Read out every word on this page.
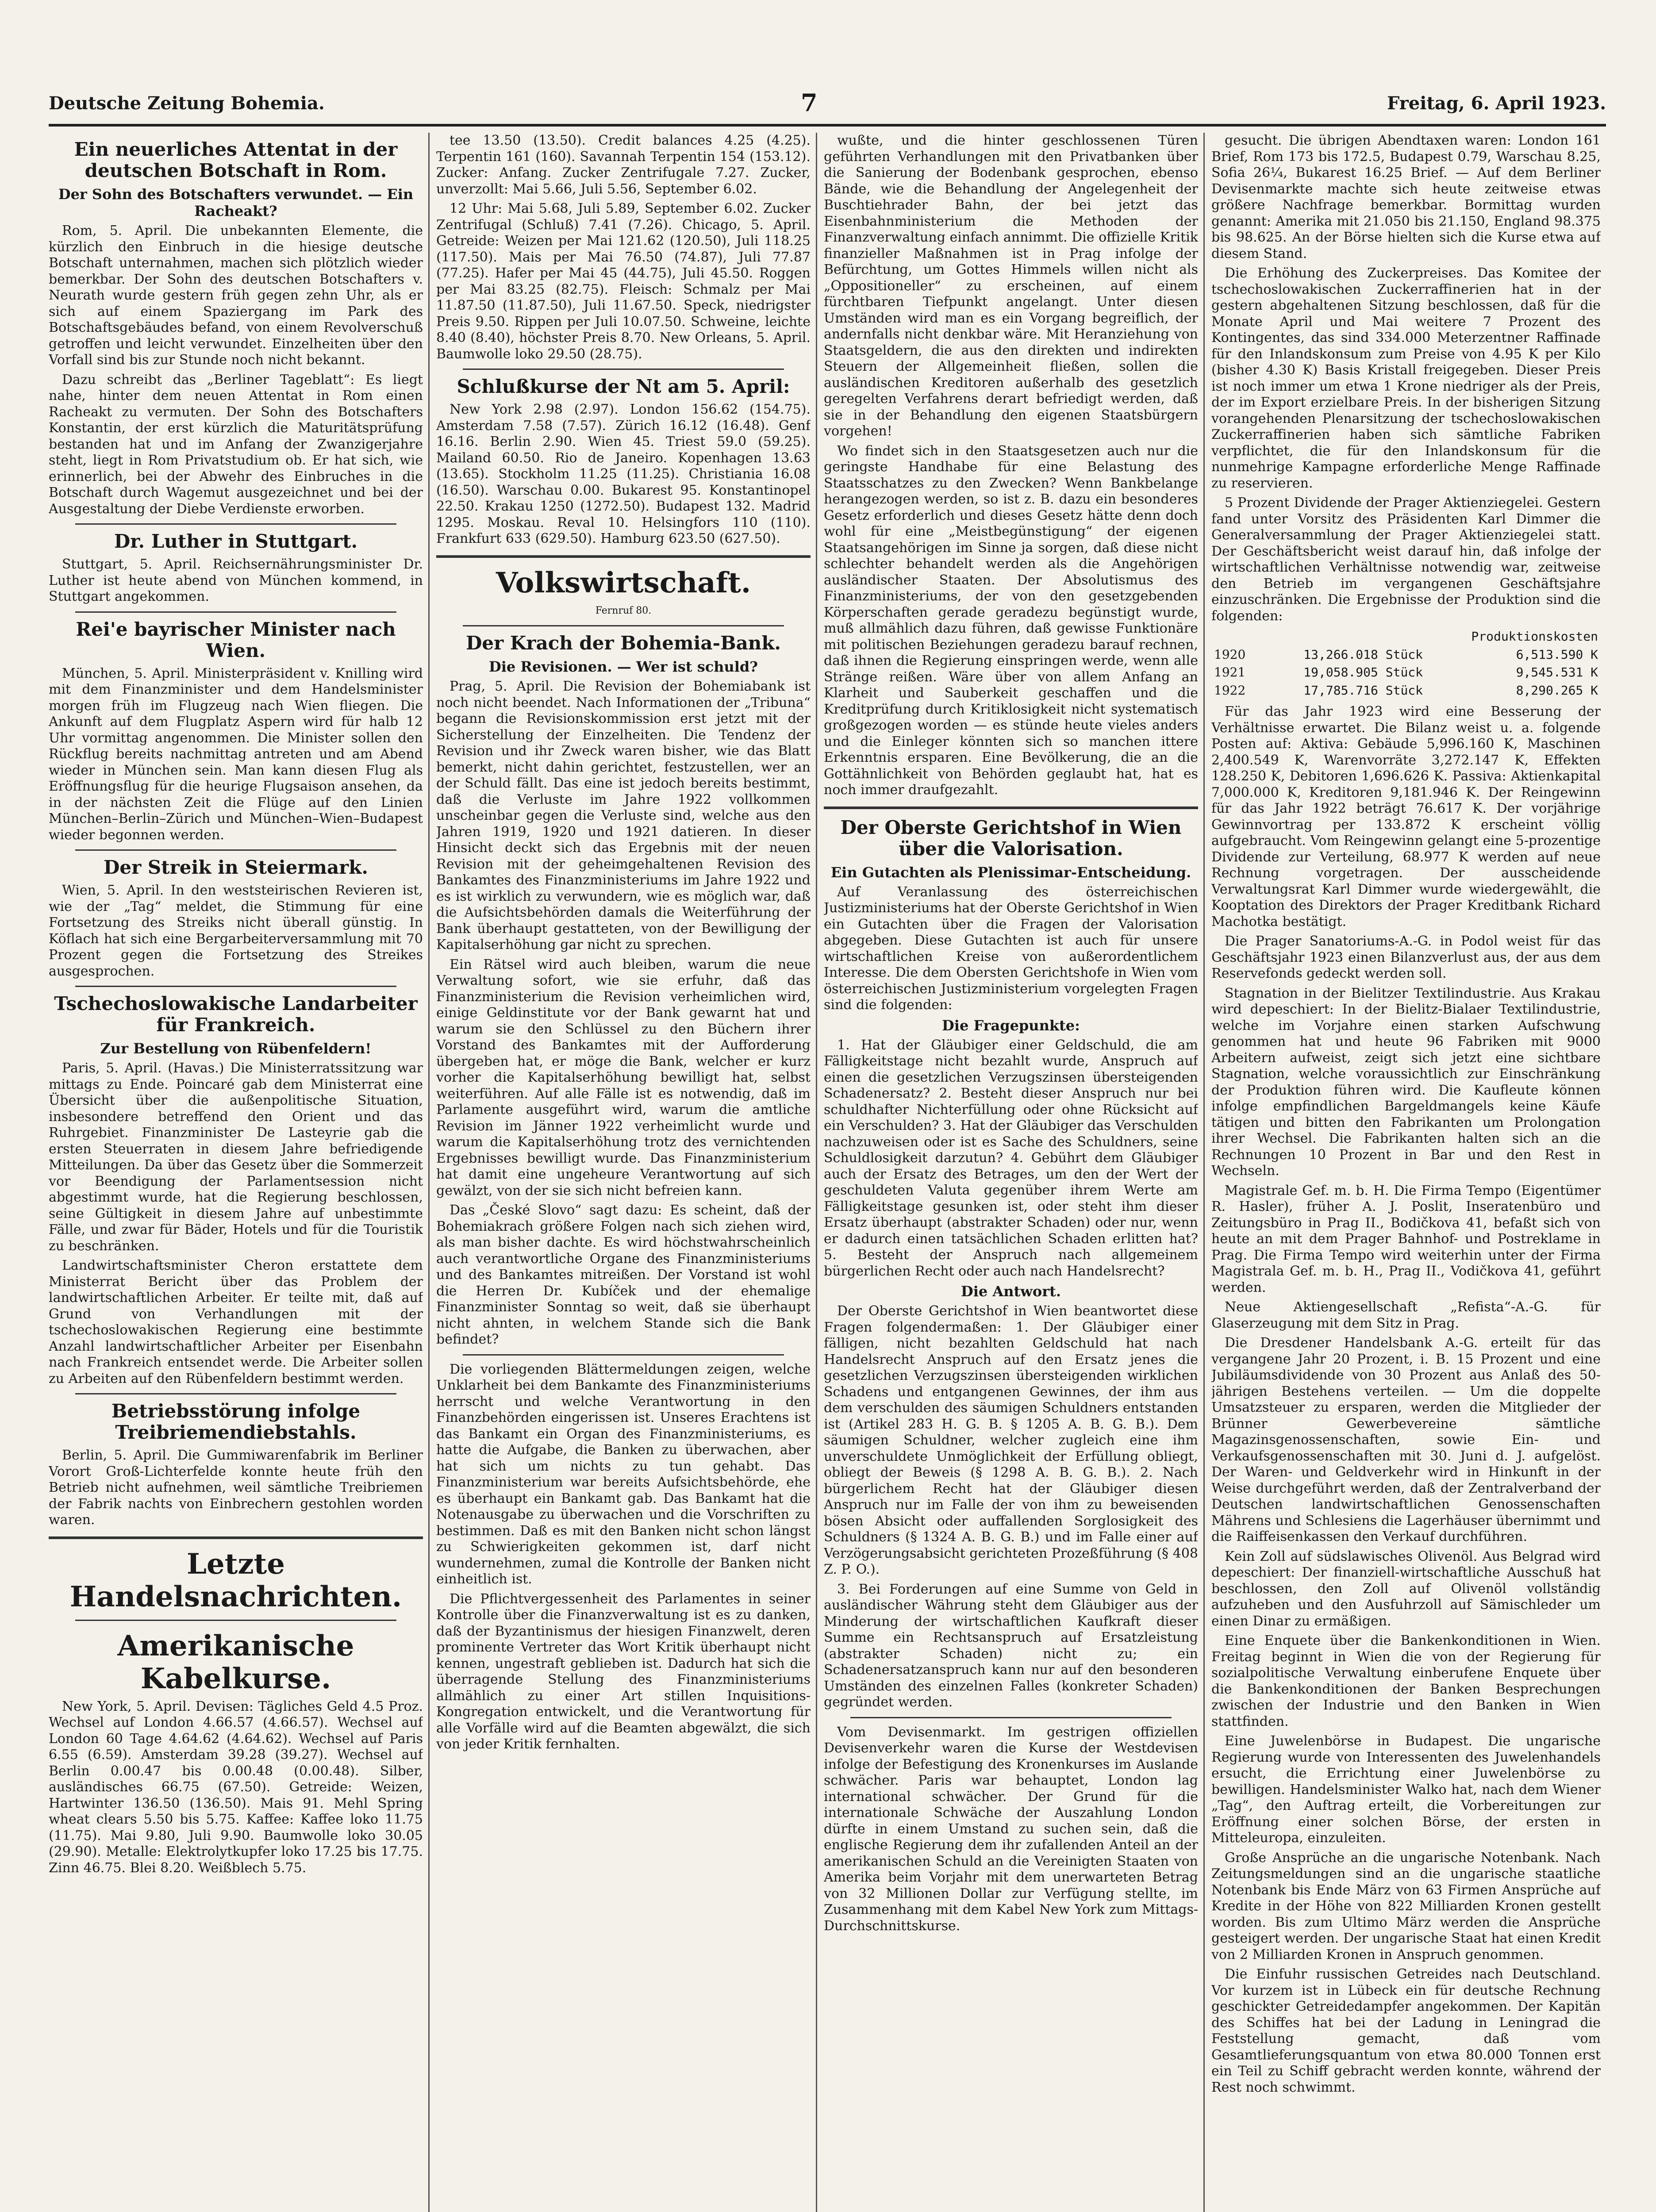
Deutsche Zeitung Bohemia.	7	Freitag, 6. April 1923.
Ein neuerliches Attentat in der deutschen Botschaft in Rom.
Der Sohn des Botschafters verwundet. — Ein Racheakt?

Rom, 5. April. Die unbekannten Elemente, die kürzlich den Einbruch in die hiesige deutsche Botschaft unternahmen, machen sich plötzlich wieder bemerkbar. Der Sohn des deutschen Botschafters v. Neurath wurde gestern früh gegen zehn Uhr, als er sich auf einem Spaziergang im Park des Botschaftsgebäudes befand, von einem Revolverschuß getroffen und leicht verwundet. Einzelheiten über den Vorfall sind bis zur Stunde noch nicht bekannt.

Dazu schreibt das „Berliner Tageblatt“: Es liegt nahe, hinter dem neuen Attentat in Rom einen Racheakt zu vermuten. Der Sohn des Botschafters Konstantin, der erst kürzlich die Maturitätsprüfung bestanden hat und im Anfang der Zwanzigerjahre steht, liegt in Rom Privatstudium ob. Er hat sich, wie erinnerlich, bei der Abwehr des Einbruches in die Botschaft durch Wagemut ausgezeichnet und bei der Ausgestaltung der Diebe Verdienste erworben.

Dr. Luther in Stuttgart.

Stuttgart, 5. April. Reichsernährungsminister Dr. Luther ist heute abend von München kommend, in Stuttgart angekommen.

Rei'e bayrischer Minister nach Wien.

München, 5. April. Ministerpräsident v. Knilling wird mit dem Finanzminister und dem Handelsminister morgen früh im Flugzeug nach Wien fliegen. Die Ankunft auf dem Flugplatz Aspern wird für halb 12 Uhr vormittag angenommen. Die Minister sollen den Rückflug bereits nachmittag antreten und am Abend wieder in München sein. Man kann diesen Flug als Eröffnungsflug für die heurige Flugsaison ansehen, da in der nächsten Zeit die Flüge auf den Linien München–Berlin–Zürich und München–Wien–Budapest wieder begonnen werden.

Der Streik in Steiermark.

Wien, 5. April. In den weststeirischen Revieren ist, wie der „Tag“ meldet, die Stimmung für eine Fortsetzung des Streiks nicht überall günstig. In Köflach hat sich eine Bergarbeiterversammlung mit 70 Prozent gegen die Fortsetzung des Streikes ausgesprochen.

Tschechoslowakische Landarbeiter für Frankreich.
Zur Bestellung von Rübenfeldern!

Paris, 5. April. (Havas.) Die Ministerratssitzung war mittags zu Ende. Poincaré gab dem Ministerrat eine Übersicht über die außenpolitische Situation, insbesondere betreffend den Orient und das Ruhrgebiet. Finanzminister De Lasteyrie gab die ersten Steuerraten in diesem Jahre befriedigende Mitteilungen. Da über das Gesetz über die Sommerzeit vor Beendigung der Parlamentsession nicht abgestimmt wurde, hat die Regierung beschlossen, seine Gültigkeit in diesem Jahre auf unbestimmte Fälle, und zwar für Bäder, Hotels und für die Touristik zu beschränken.

Landwirtschaftsminister Cheron erstattete dem Ministerrat Bericht über das Problem der landwirtschaftlichen Arbeiter. Er teilte mit, daß auf Grund von Verhandlungen mit der tschechoslowakischen Regierung eine bestimmte Anzahl landwirtschaftlicher Arbeiter per Eisenbahn nach Frankreich entsendet werde. Die Arbeiter sollen zu Arbeiten auf den Rübenfeldern bestimmt werden.

Betriebsstörung infolge Treibriemendiebstahls.

Berlin, 5. April. Die Gummiwarenfabrik im Berliner Vorort Groß-Lichterfelde konnte heute früh den Betrieb nicht aufnehmen, weil sämtliche Treibriemen der Fabrik nachts von Einbrechern gestohlen worden waren.

Letzte Handelsnachrichten.
Amerikanische Kabelkurse.

New York, 5. April. Devisen: Tägliches Geld 4.5 Proz. Wechsel auf London 4.66.57 (4.66.57). Wechsel auf London 60 Tage 4.64.62 (4.64.62). Wechsel auf Paris 6.55 (6.59). Amsterdam 39.28 (39.27). Wechsel auf Berlin 0.00.47 bis 0.00.48 (0.00.48). Silber, ausländisches 66.75 (67.50). Getreide: Weizen, Hartwinter 136.50 (136.50). Mais 91. Mehl Spring wheat clears 5.50 bis 5.75. Kaffee: Kaffee loko 11.75 (11.75). Mai 9.80, Juli 9.90. Baumwolle loko 30.05 (29.90). Metalle: Elektrolytkupfer loko 17.25 bis 17.75. Zinn 46.75. Blei 8.20. Weißblech 5.75.

tee 13.50 (13.50). Credit balances 4.25 (4.25). Terpentin 161 (160). Savannah Terpentin 154 (153.12). Zucker: Anfang. Zucker Zentrifugale 7.27. Zucker, unverzollt: Mai 5.66, Juli 5.56, September 6.02.

12 Uhr: Mai 5.68, Juli 5.89, September 6.02. Zucker Zentrifugal (Schluß) 7.41 (7.26). Chicago, 5. April. Getreide: Weizen per Mai 121.62 (120.50), Juli 118.25 (117.50). Mais per Mai 76.50 (74.87), Juli 77.87 (77.25). Hafer per Mai 45 (44.75), Juli 45.50. Roggen per Mai 83.25 (82.75). Fleisch: Schmalz per Mai 11.87.50 (11.87.50), Juli 11.67.50. Speck, niedrigster Preis 9.50. Rippen per Juli 10.07.50. Schweine, leichte 8.40 (8.40), höchster Preis 8.70. New Orleans, 5. April. Baumwolle loko 29.50 (28.75).

Schlußkurse der Nt am 5. April:

New York 2.98 (2.97). London 156.62 (154.75). Amsterdam 7.58 (7.57). Zürich 16.12 (16.48). Genf 16.16. Berlin 2.90. Wien 45. Triest 59.0 (59.25). Mailand 60.50. Rio de Janeiro. Kopenhagen 13.63 (13.65). Stockholm 11.25 (11.25). Christiania 16.08 (16.50). Warschau 0.00. Bukarest 95. Konstantinopel 22.50. Krakau 1250 (1272.50). Budapest 132. Madrid 1295. Moskau. Reval 10. Helsingfors 110 (110). Frankfurt 633 (629.50). Hamburg 623.50 (627.50).

Volkswirtschaft.
Fernruf 80.
Der Krach der Bohemia-Bank.
Die Revisionen. — Wer ist schuld?

Prag, 5. April. Die Revision der Bohemiabank ist noch nicht beendet. Nach Informationen der „Tribuna“ begann die Revisionskommission erst jetzt mit der Sicherstellung der Einzelheiten. Die Tendenz der Revision und ihr Zweck waren bisher, wie das Blatt bemerkt, nicht dahin gerichtet, festzustellen, wer an der Schuld fällt. Das eine ist jedoch bereits bestimmt, daß die Verluste im Jahre 1922 vollkommen unscheinbar gegen die Verluste sind, welche aus den Jahren 1919, 1920 und 1921 datieren. In dieser Hinsicht deckt sich das Ergebnis mit der neuen Revision mit der geheimgehaltenen Revision des Bankamtes des Finanzministeriums im Jahre 1922 und es ist wirklich zu verwundern, wie es möglich war, daß die Aufsichtsbehörden damals die Weiterführung der Bank überhaupt gestatteten, von der Bewilligung der Kapitalserhöhung gar nicht zu sprechen.

Ein Rätsel wird auch bleiben, warum die neue Verwaltung sofort, wie sie erfuhr, daß das Finanzministerium die Revision verheimlichen wird, einige Geldinstitute vor der Bank gewarnt hat und warum sie den Schlüssel zu den Büchern ihrer Vorstand des Bankamtes mit der Aufforderung übergeben hat, er möge die Bank, welcher er kurz vorher die Kapitalserhöhung bewilligt hat, selbst weiterführen. Auf alle Fälle ist es notwendig, daß im Parlamente ausgeführt wird, warum die amtliche Revision im Jänner 1922 verheimlicht wurde und warum die Kapitalserhöhung trotz des vernichtenden Ergebnisses bewilligt wurde. Das Finanzministerium hat damit eine ungeheure Verantwortung auf sich gewälzt, von der sie sich nicht befreien kann.

Das „České Slovo“ sagt dazu: Es scheint, daß der Bohemiakrach größere Folgen nach sich ziehen wird, als man bisher dachte. Es wird höchstwahrscheinlich auch verantwortliche Organe des Finanzministeriums und des Bankamtes mitreißen. Der Vorstand ist wohl die Herren Dr. Kubíček und der ehemalige Finanzminister Sonntag so weit, daß sie überhaupt nicht ahnten, in welchem Stande sich die Bank befindet?

Die vorliegenden Blättermeldungen zeigen, welche Unklarheit bei dem Bankamte des Finanzministeriums herrscht und welche Verantwortung in den Finanzbehörden eingerissen ist. Unseres Erachtens ist das Bankamt ein Organ des Finanzministeriums, es hatte die Aufgabe, die Banken zu überwachen, aber hat sich um nichts zu tun gehabt. Das Finanzministerium war bereits Aufsichtsbehörde, ehe es überhaupt ein Bankamt gab. Das Bankamt hat die Notenausgabe zu überwachen und die Vorschriften zu bestimmen. Daß es mit den Banken nicht schon längst zu Schwierigkeiten gekommen ist, darf nicht wundernehmen, zumal die Kontrolle der Banken nicht einheitlich ist.

Die Pflichtvergessenheit des Parlamentes in seiner Kontrolle über die Finanzverwaltung ist es zu danken, daß der Byzantinismus der hiesigen Finanzwelt, deren prominente Vertreter das Wort Kritik überhaupt nicht kennen, ungestraft geblieben ist. Dadurch hat sich die überragende Stellung des Finanzministeriums allmählich zu einer Art stillen Inquisitions-Kongregation entwickelt, und die Verantwortung für alle Vorfälle wird auf die Beamten abgewälzt, die sich von jeder Kritik fernhalten.

wußte, und die hinter geschlossenen Türen geführten Verhandlungen mit den Privatbanken über die Sanierung der Bodenbank gesprochen, ebenso Bände, wie die Behandlung der Angelegenheit der Buschtiehrader Bahn, der bei jetzt das Eisenbahnministerium die Methoden der Finanzverwaltung einfach annimmt. Die offizielle Kritik finanzieller Maßnahmen ist in Prag infolge der Befürchtung, um Gottes Himmels willen nicht als „Oppositioneller“ zu erscheinen, auf einem fürchtbaren Tiefpunkt angelangt. Unter diesen Umständen wird man es ein Vorgang begreiflich, der andernfalls nicht denkbar wäre. Mit Heranziehung von Staatsgeldern, die aus den direkten und indirekten Steuern der Allgemeinheit fließen, sollen die ausländischen Kreditoren außerhalb des gesetzlich geregelten Verfahrens derart befriedigt werden, daß sie in der Behandlung den eigenen Staatsbürgern vorgehen!

Wo findet sich in den Staatsgesetzen auch nur die geringste Handhabe für eine Belastung des Staatsschatzes zu den Zwecken? Wenn Bankbelange herangezogen werden, so ist z. B. dazu ein besonderes Gesetz erforderlich und dieses Gesetz hätte denn doch wohl für eine „Meistbegünstigung“ der eigenen Staatsangehörigen im Sinne ja sorgen, daß diese nicht schlechter behandelt werden als die Angehörigen ausländischer Staaten. Der Absolutismus des Finanzministeriums, der von den gesetzgebenden Körperschaften gerade geradezu begünstigt wurde, muß allmählich dazu führen, daß gewisse Funktionäre mit politischen Beziehungen geradezu barauf rechnen, daß ihnen die Regierung einspringen werde, wenn alle Stränge reißen. Wäre über von allem Anfang an Klarheit und Sauberkeit geschaffen und die Kreditprüfung durch Kritiklosigkeit nicht systematisch großgezogen worden — es stünde heute vieles anders und die Einleger könnten sich so manchen ittere Erkenntnis ersparen. Eine Bevölkerung, die an die Gottähnlichkeit von Behörden geglaubt hat, hat es noch immer draufgezahlt.

Der Oberste Gerichtshof in Wien über die Valorisation.
Ein Gutachten als Plenissimar-Entscheidung.

Auf Veranlassung des österreichischen Justizministeriums hat der Oberste Gerichtshof in Wien ein Gutachten über die Fragen der Valorisation abgegeben. Diese Gutachten ist auch für unsere wirtschaftlichen Kreise von außerordentlichem Interesse. Die dem Obersten Gerichtshofe in Wien vom österreichischen Justizministerium vorgelegten Fragen sind die folgenden:

Die Fragepunkte:

1. Hat der Gläubiger einer Geldschuld, die am Fälligkeitstage nicht bezahlt wurde, Anspruch auf einen die gesetzlichen Verzugszinsen übersteigenden Schadenersatz? 2. Besteht dieser Anspruch nur bei schuldhafter Nichterfüllung oder ohne Rücksicht auf ein Verschulden? 3. Hat der Gläubiger das Verschulden nachzuweisen oder ist es Sache des Schuldners, seine Schuldlosigkeit darzutun? 4. Gebührt dem Gläubiger auch der Ersatz des Betrages, um den der Wert der geschuldeten Valuta gegenüber ihrem Werte am Fälligkeitstage gesunken ist, oder steht ihm dieser Ersatz überhaupt (abstrakter Schaden) oder nur, wenn er dadurch einen tatsächlichen Schaden erlitten hat? 5. Besteht der Anspruch nach allgemeinem bürgerlichen Recht oder auch nach Handelsrecht?

Die Antwort.

Der Oberste Gerichtshof in Wien beantwortet diese Fragen folgendermaßen: 1. Der Gläubiger einer fälligen, nicht bezahlten Geldschuld hat nach Handelsrecht Anspruch auf den Ersatz jenes die gesetzlichen Verzugszinsen übersteigenden wirklichen Schadens und entgangenen Gewinnes, der ihm aus dem verschulden des säumigen Schuldners entstanden ist (Artikel 283 H. G. B. § 1205 A. B. G. B.). Dem säumigen Schuldner, welcher zugleich eine ihm unverschuldete Unmöglichkeit der Erfüllung obliegt, obliegt der Beweis (§ 1298 A. B. G. B.). 2. Nach bürgerlichem Recht hat der Gläubiger diesen Anspruch nur im Falle der von ihm zu beweisenden bösen Absicht oder auffallenden Sorglosigkeit des Schuldners (§ 1324 A. B. G. B.) und im Falle einer auf Verzögerungsabsicht gerichteten Prozeßführung (§ 408 Z. P. O.).

3. Bei Forderungen auf eine Summe von Geld in ausländischer Währung steht dem Gläubiger aus der Minderung der wirtschaftlichen Kaufkraft dieser Summe ein Rechtsanspruch auf Ersatzleistung (abstrakter Schaden) nicht zu; ein Schadenersatzanspruch kann nur auf den besonderen Umständen des einzelnen Falles (konkreter Schaden) gegründet werden.

Vom Devisenmarkt. Im gestrigen offiziellen Devisenverkehr waren die Kurse der Westdevisen infolge der Befestigung des Kronenkurses im Auslande schwächer. Paris war behauptet, London lag international schwächer. Der Grund für die internationale Schwäche der Auszahlung London dürfte in einem Umstand zu suchen sein, daß die englische Regierung dem ihr zufallenden Anteil an der amerikanischen Schuld an die Vereinigten Staaten von Amerika beim Vorjahr mit dem unerwarteten Betrag von 32 Millionen Dollar zur Verfügung stellte, im Zusammenhang mit dem Kabel New York zum Mittags-Durchschnittskurse.

gesucht. Die übrigen Abendtaxen waren: London 161 Brief, Rom 173 bis 172.5, Budapest 0.79, Warschau 8.25, Sofia 26¼, Bukarest 16.25 Brief. — Auf dem Berliner Devisenmarkte machte sich heute zeitweise etwas größere Nachfrage bemerkbar. Bormittag wurden genannt: Amerika mit 21.050 bis 21.150, England 98.375 bis 98.625. An der Börse hielten sich die Kurse etwa auf diesem Stand.

Die Erhöhung des Zuckerpreises. Das Komitee der tschechoslowakischen Zuckerraffinerien hat in der gestern abgehaltenen Sitzung beschlossen, daß für die Monate April und Mai weitere 7 Prozent des Kontingentes, das sind 334.000 Meterzentner Raffinade für den Inlandskonsum zum Preise von 4.95 K per Kilo (bisher 4.30 K) Basis Kristall freigegeben. Dieser Preis ist noch immer um etwa 1 Krone niedriger als der Preis, der im Export erzielbare Preis. In der bisherigen Sitzung vorangehenden Plenarsitzung der tschechoslowakischen Zuckerraffinerien haben sich sämtliche Fabriken verpflichtet, die für den Inlandskonsum für die nunmehrige Kampagne erforderliche Menge Raffinade zu reservieren.

5 Prozent Dividende der Prager Aktienziegelei. Gestern fand unter Vorsitz des Präsidenten Karl Dimmer die Generalversammlung der Prager Aktienziegelei statt. Der Geschäftsbericht weist darauf hin, daß infolge der wirtschaftlichen Verhältnisse notwendig war, zeitweise den Betrieb im vergangenen Geschäftsjahre einzuschränken. Die Ergebnisse der Produktion sind die folgenden:

		Produktionskosten
1920	13,266.018 Stück	6,513.590 K
1921	19,058.905 Stück	9,545.531 K
1922	17,785.716 Stück	8,290.265 K

Für das Jahr 1923 wird eine Besserung der Verhältnisse erwartet. Die Bilanz weist u. a. folgende Posten auf: Aktiva: Gebäude 5,996.160 K, Maschinen 2,400.549 K, Warenvorräte 3,272.147 K, Effekten 128.250 K, Debitoren 1,696.626 K. Passiva: Aktienkapital 7,000.000 K, Kreditoren 9,181.946 K. Der Reingewinn für das Jahr 1922 beträgt 76.617 K. Der vorjährige Gewinnvortrag per 133.872 K erscheint völlig aufgebraucht. Vom Reingewinn gelangt eine 5-prozentige Dividende zur Verteilung, 68.977 K werden auf neue Rechnung vorgetragen. Der ausscheidende Verwaltungsrat Karl Dimmer wurde wiedergewählt, die Kooptation des Direktors der Prager Kreditbank Richard Machotka bestätigt.

Die Prager Sanatoriums-A.-G. in Podol weist für das Geschäftsjahr 1923 einen Bilanzverlust aus, der aus dem Reservefonds gedeckt werden soll.

Stagnation in der Bielitzer Textilindustrie. Aus Krakau wird depeschiert: In der Bielitz-Bialaer Textilindustrie, welche im Vorjahre einen starken Aufschwung genommen hat und heute 96 Fabriken mit 9000 Arbeitern aufweist, zeigt sich jetzt eine sichtbare Stagnation, welche voraussichtlich zur Einschränkung der Produktion führen wird. Die Kaufleute können infolge empfindlichen Bargeldmangels keine Käufe tätigen und bitten den Fabrikanten um Prolongation ihrer Wechsel. Die Fabrikanten halten sich an die Rechnungen 10 Prozent in Bar und den Rest in Wechseln.

Magistrale Gef. m. b. H. Die Firma Tempo (Eigentümer R. Hasler), früher A. J. Poslit, Inseratenbüro und Zeitungsbüro in Prag II., Bodičkova 41, befaßt sich von heute an mit dem Prager Bahnhof- und Postreklame in Prag. Die Firma Tempo wird weiterhin unter der Firma Magistrala Gef. m. b. H., Prag II., Vodičkova 41, geführt werden.

Neue Aktiengesellschaft „Refista“-A.-G. für Glaserzeugung mit dem Sitz in Prag.

Die Dresdener Handelsbank A.-G. erteilt für das vergangene Jahr 20 Prozent, i. B. 15 Prozent und eine Jubiläumsdividende von 30 Prozent aus Anlaß des 50-jährigen Bestehens verteilen. — Um die doppelte Umsatzsteuer zu ersparen, werden die Mitglieder der Brünner Gewerbevereine sämtliche Magazinsgenossenschaften, sowie Ein- und Verkaufsgenossenschaften mit 30. Juni d. J. aufgelöst. Der Waren- und Geldverkehr wird in Hinkunft in der Weise durchgeführt werden, daß der Zentralverband der Deutschen landwirtschaftlichen Genossenschaften Mährens und Schlesiens die Lagerhäuser übernimmt und die Raiffeisenkassen den Verkauf durchführen.

Kein Zoll auf südslawisches Olivenöl. Aus Belgrad wird depeschiert: Der finanziell-wirtschaftliche Ausschuß hat beschlossen, den Zoll auf Olivenöl vollständig aufzuheben und den Ausfuhrzoll auf Sämischleder um einen Dinar zu ermäßigen.

Eine Enquete über die Bankenkonditionen in Wien. Freitag beginnt in Wien die von der Regierung für sozialpolitische Verwaltung einberufene Enquete über die Bankenkonditionen der Banken Besprechungen zwischen der Industrie und den Banken in Wien stattfinden.

Eine Juwelenbörse in Budapest. Die ungarische Regierung wurde von Interessenten des Juwelenhandels ersucht, die Errichtung einer Juwelenbörse zu bewilligen. Handelsminister Walko hat, nach dem Wiener „Tag“, den Auftrag erteilt, die Vorbereitungen zur Eröffnung einer solchen Börse, der ersten in Mitteleuropa, einzuleiten.

Große Ansprüche an die ungarische Notenbank. Nach Zeitungsmeldungen sind an die ungarische staatliche Notenbank bis Ende März von 63 Firmen Ansprüche auf Kredite in der Höhe von 822 Milliarden Kronen gestellt worden. Bis zum Ultimo März werden die Ansprüche gesteigert werden. Der ungarische Staat hat einen Kredit von 2 Milliarden Kronen in Anspruch genommen.

Die Einfuhr russischen Getreides nach Deutschland. Vor kurzem ist in Lübeck ein für deutsche Rechnung geschickter Getreidedampfer angekommen. Der Kapitän des Schiffes hat bei der Ladung in Leningrad die Feststellung gemacht, daß vom Gesamtlieferungsquantum von etwa 80.000 Tonnen erst ein Teil zu Schiff gebracht werden konnte, während der Rest noch schwimmt.
